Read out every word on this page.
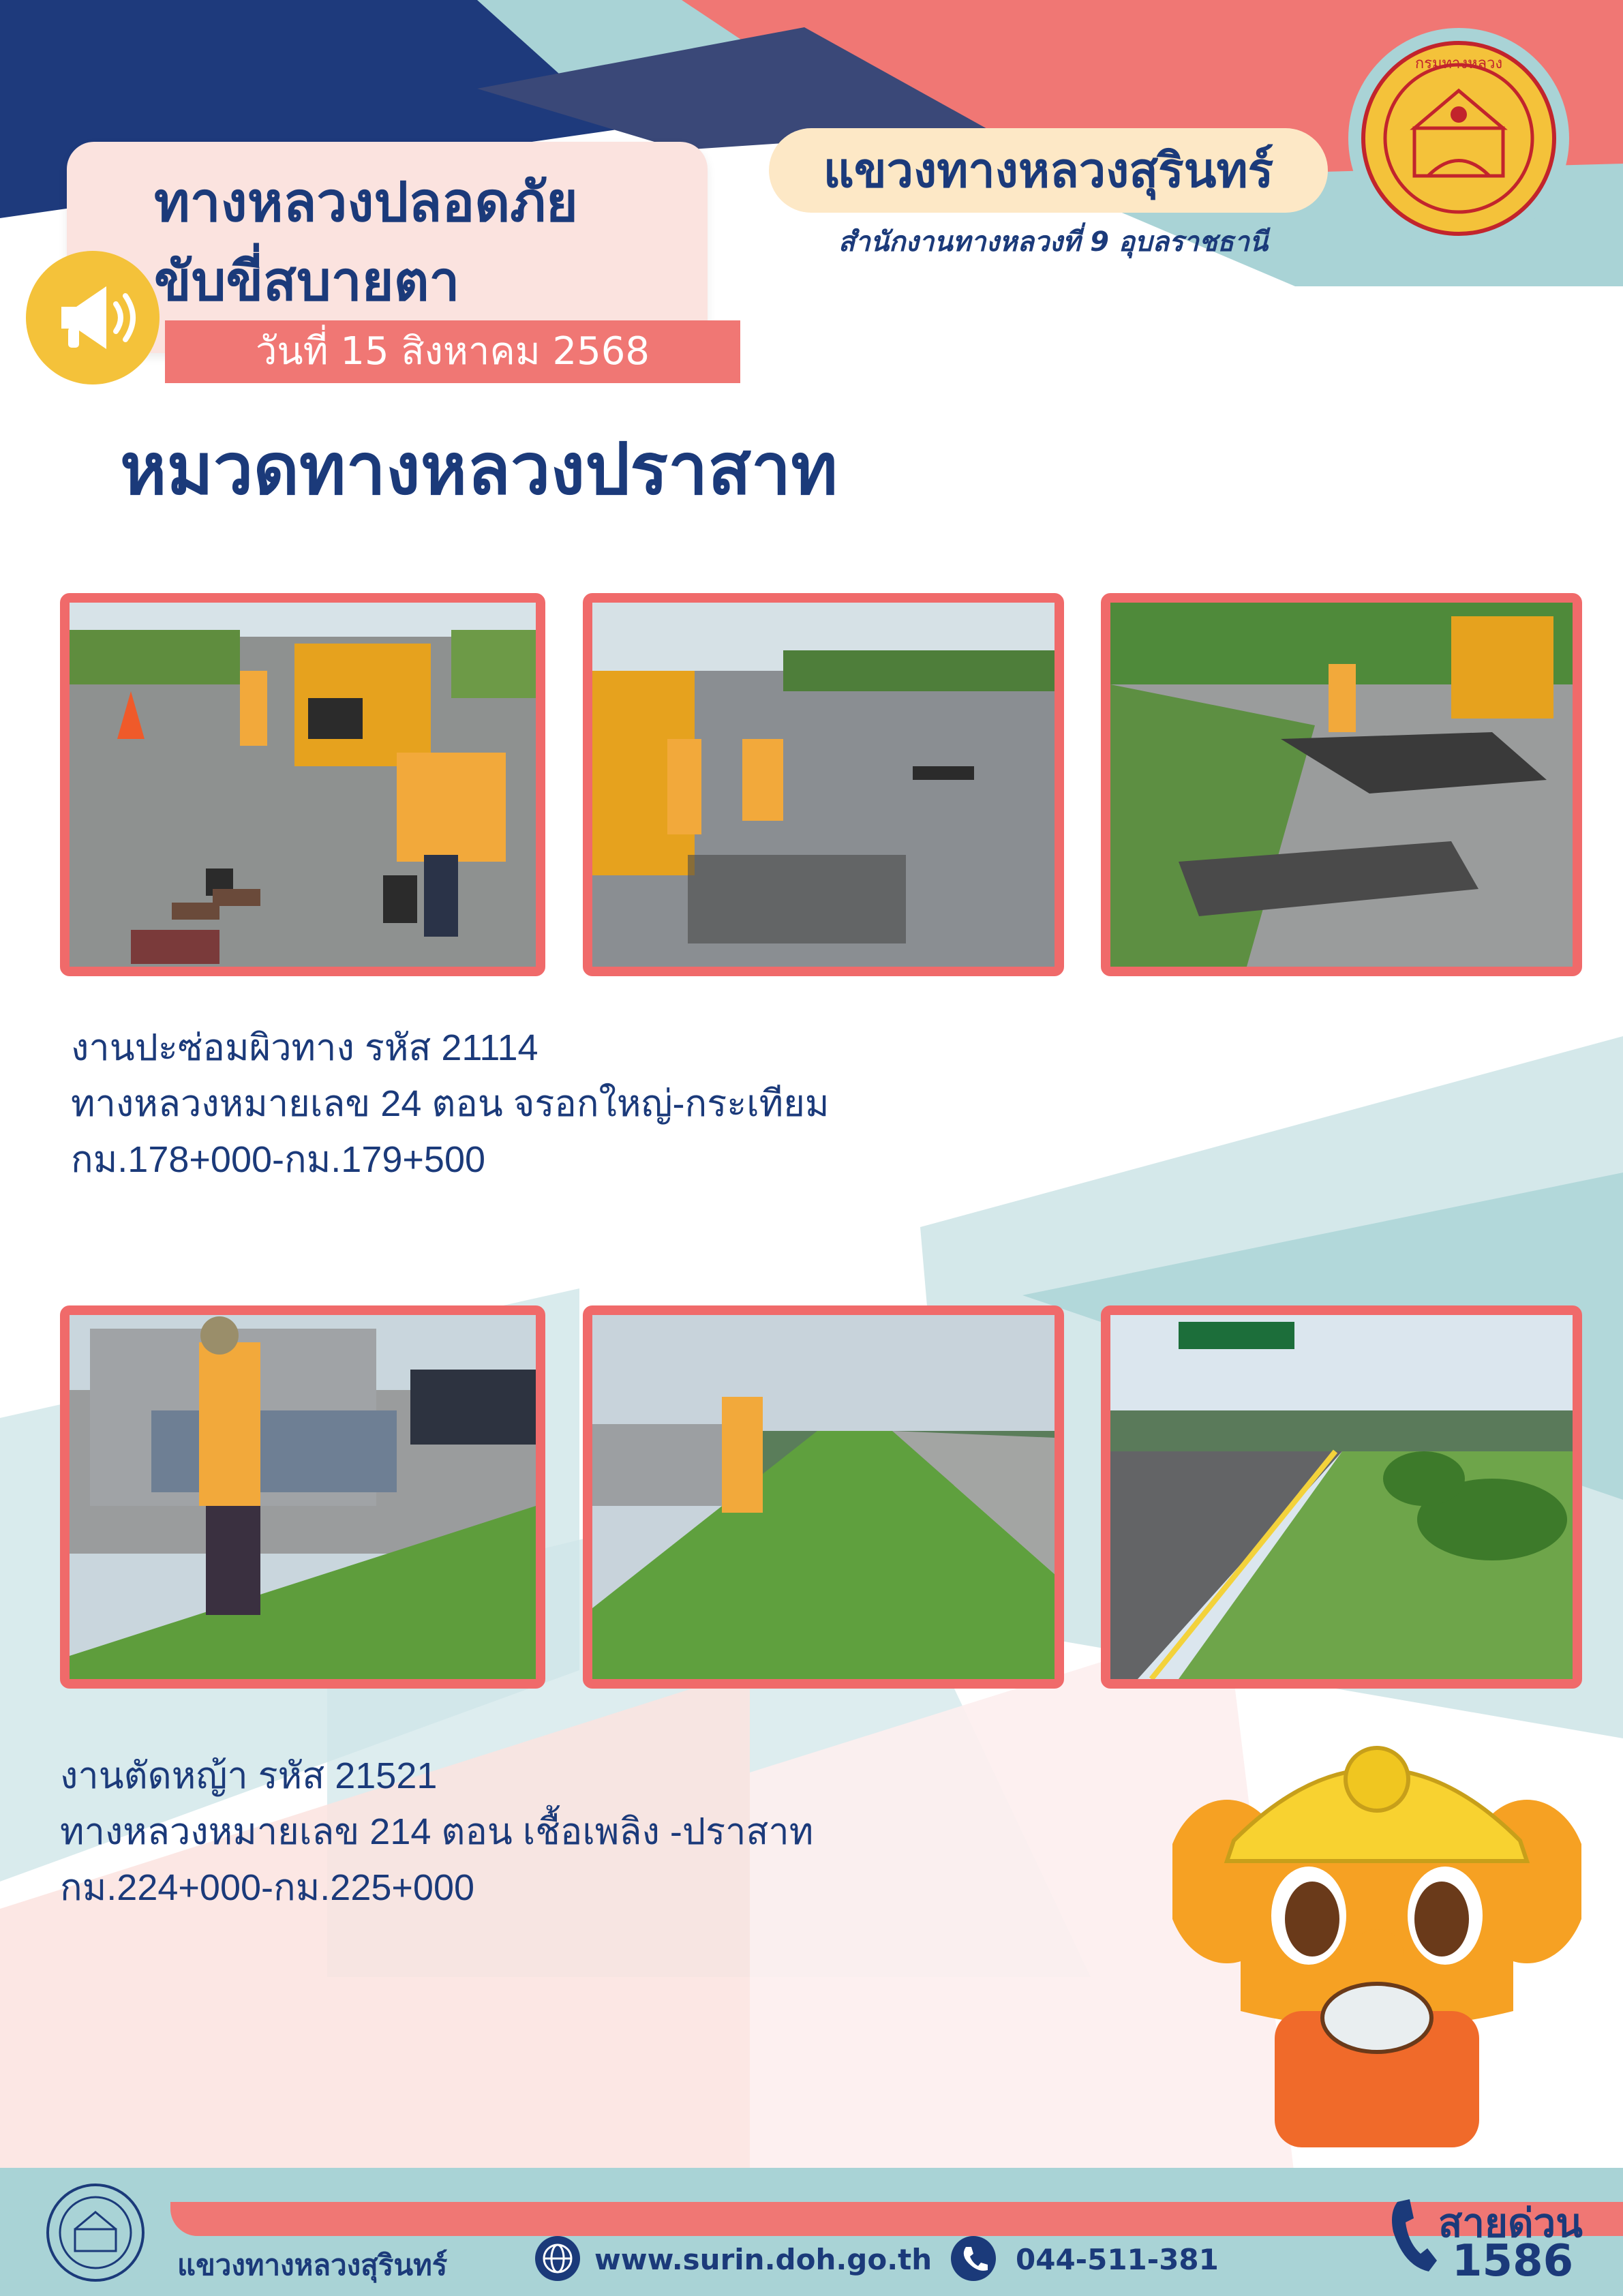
ทางหลวงปลอดภัย
ขับขี่สบายตา
วันที่ 15 สิงหาคม 2568
แขวงทางหลวงสุรินทร์
สำนักงานทางหลวงที่ 9 อุบลราชธานี
กรมทางหลวง
หมวดทางหลวงปราสาท
งานปะซ่อมผิวทาง รหัส 21114
ทางหลวงหมายเลข 24 ตอน จรอกใหญ่-กระเทียม
กม.178+000-กม.179+500
งานตัดหญ้า รหัส 21521
ทางหลวงหมายเลข 214 ตอน เชื้อเพลิง -ปราสาท
กม.224+000-กม.225+000
แขวงทางหลวงสุรินทร์	www.surin.doh.go.th	044-511-381
สายด่วน
1586
